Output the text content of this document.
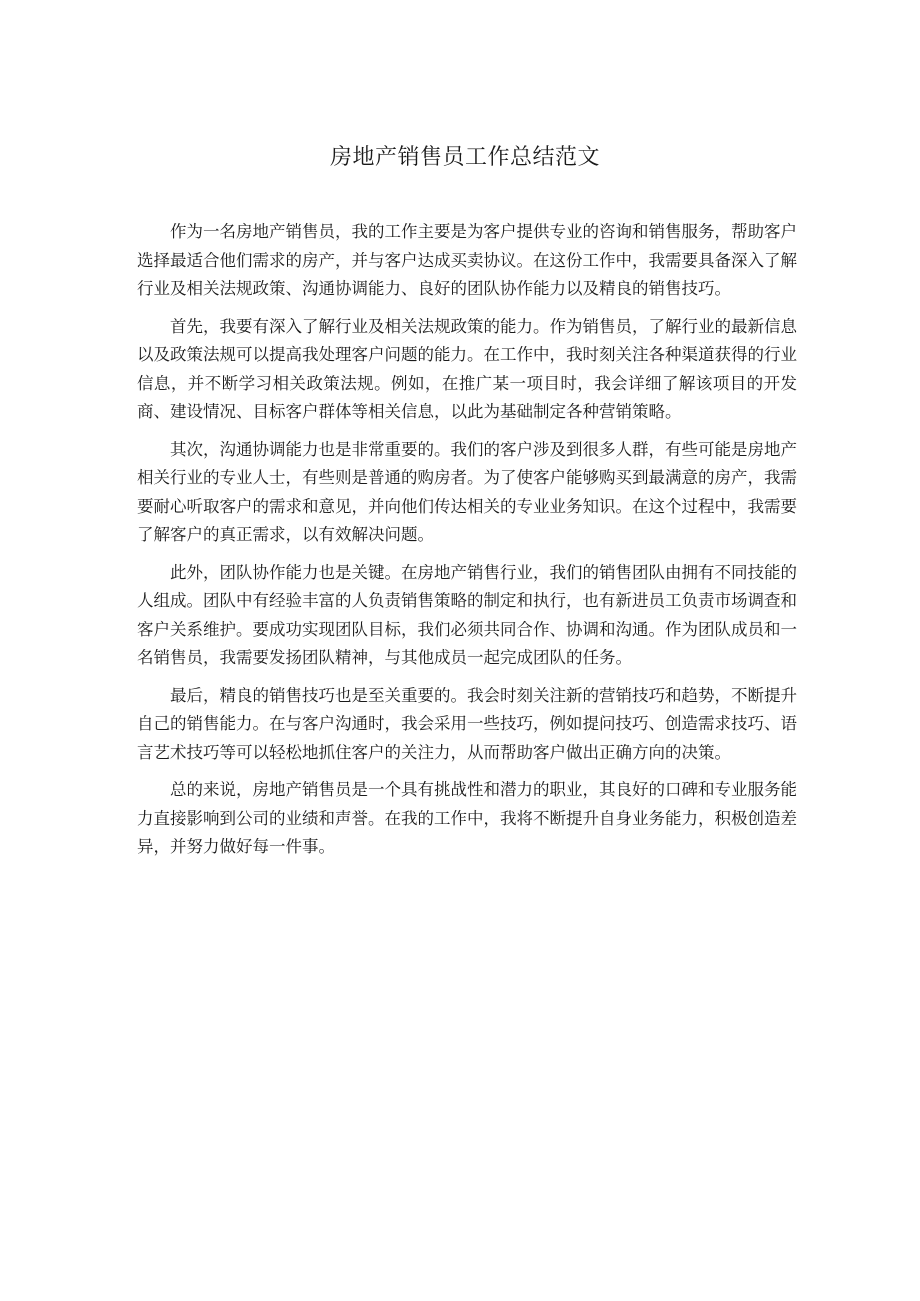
房地产销售员工作总结范文

作为一名房地产销售员，我的工作主要是为客户提供专业的咨询和销售服务，帮助客户选择最适合他们需求的房产，并与客户达成买卖协议。在这份工作中，我需要具备深入了解行业及相关法规政策、沟通协调能力、良好的团队协作能力以及精良的销售技巧。

首先，我要有深入了解行业及相关法规政策的能力。作为销售员，了解行业的最新信息以及政策法规可以提高我处理客户问题的能力。在工作中，我时刻关注各种渠道获得的行业信息，并不断学习相关政策法规。例如，在推广某一项目时，我会详细了解该项目的开发商、建设情况、目标客户群体等相关信息，以此为基础制定各种营销策略。

其次，沟通协调能力也是非常重要的。我们的客户涉及到很多人群，有些可能是房地产相关行业的专业人士，有些则是普通的购房者。为了使客户能够购买到最满意的房产，我需要耐心听取客户的需求和意见，并向他们传达相关的专业业务知识。在这个过程中，我需要了解客户的真正需求，以有效解决问题。

此外，团队协作能力也是关键。在房地产销售行业，我们的销售团队由拥有不同技能的人组成。团队中有经验丰富的人负责销售策略的制定和执行，也有新进员工负责市场调查和客户关系维护。要成功实现团队目标，我们必须共同合作、协调和沟通。作为团队成员和一名销售员，我需要发扬团队精神，与其他成员一起完成团队的任务。

最后，精良的销售技巧也是至关重要的。我会时刻关注新的营销技巧和趋势，不断提升自己的销售能力。在与客户沟通时，我会采用一些技巧，例如提问技巧、创造需求技巧、语言艺术技巧等可以轻松地抓住客户的关注力，从而帮助客户做出正确方向的决策。

总的来说，房地产销售员是一个具有挑战性和潜力的职业，其良好的口碑和专业服务能力直接影响到公司的业绩和声誉。在我的工作中，我将不断提升自身业务能力，积极创造差异，并努力做好每一件事。
